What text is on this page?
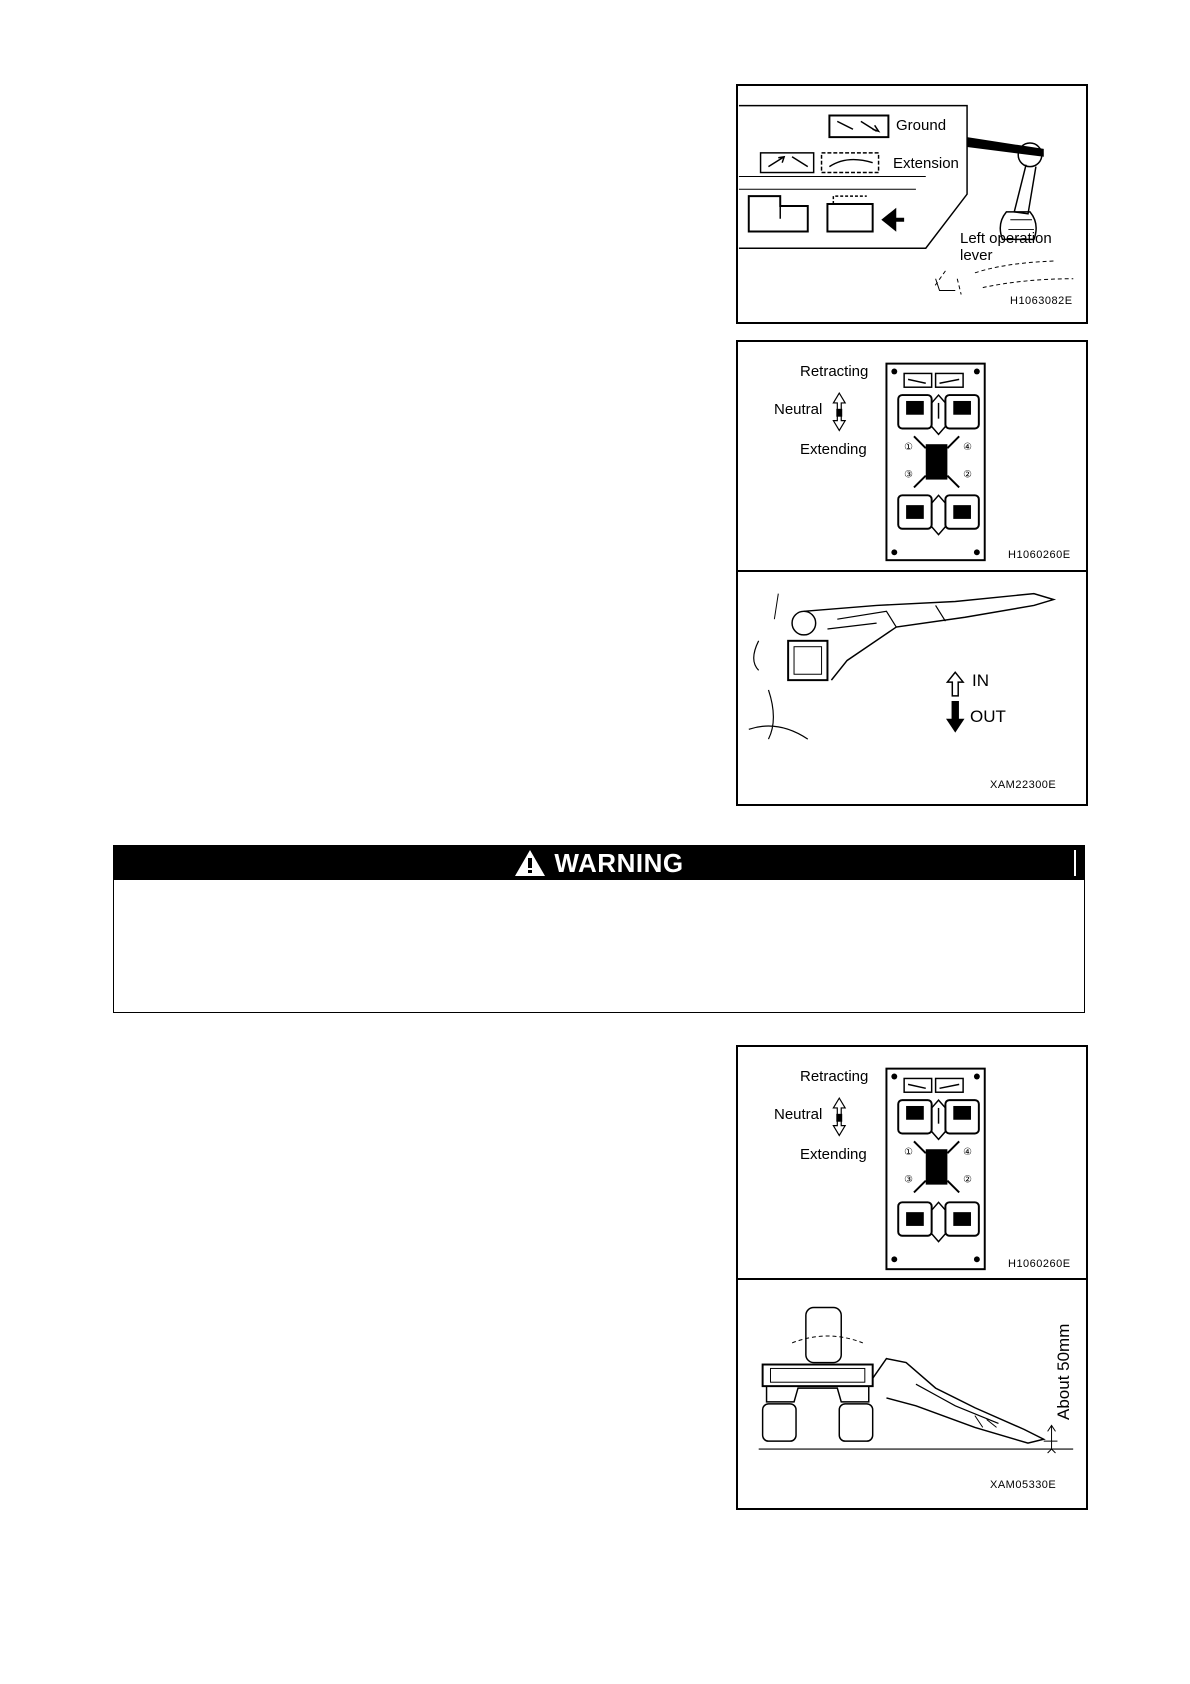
Ground
Extension
Left operation
lever
H1063082E
①	④
③	②
Retracting
Neutral
Extending
H1060260E
IN
OUT
XAM22300E
WARNING
①	④
③	②
Retracting
Neutral
Extending
H1060260E
About 50mm
XAM05330E
